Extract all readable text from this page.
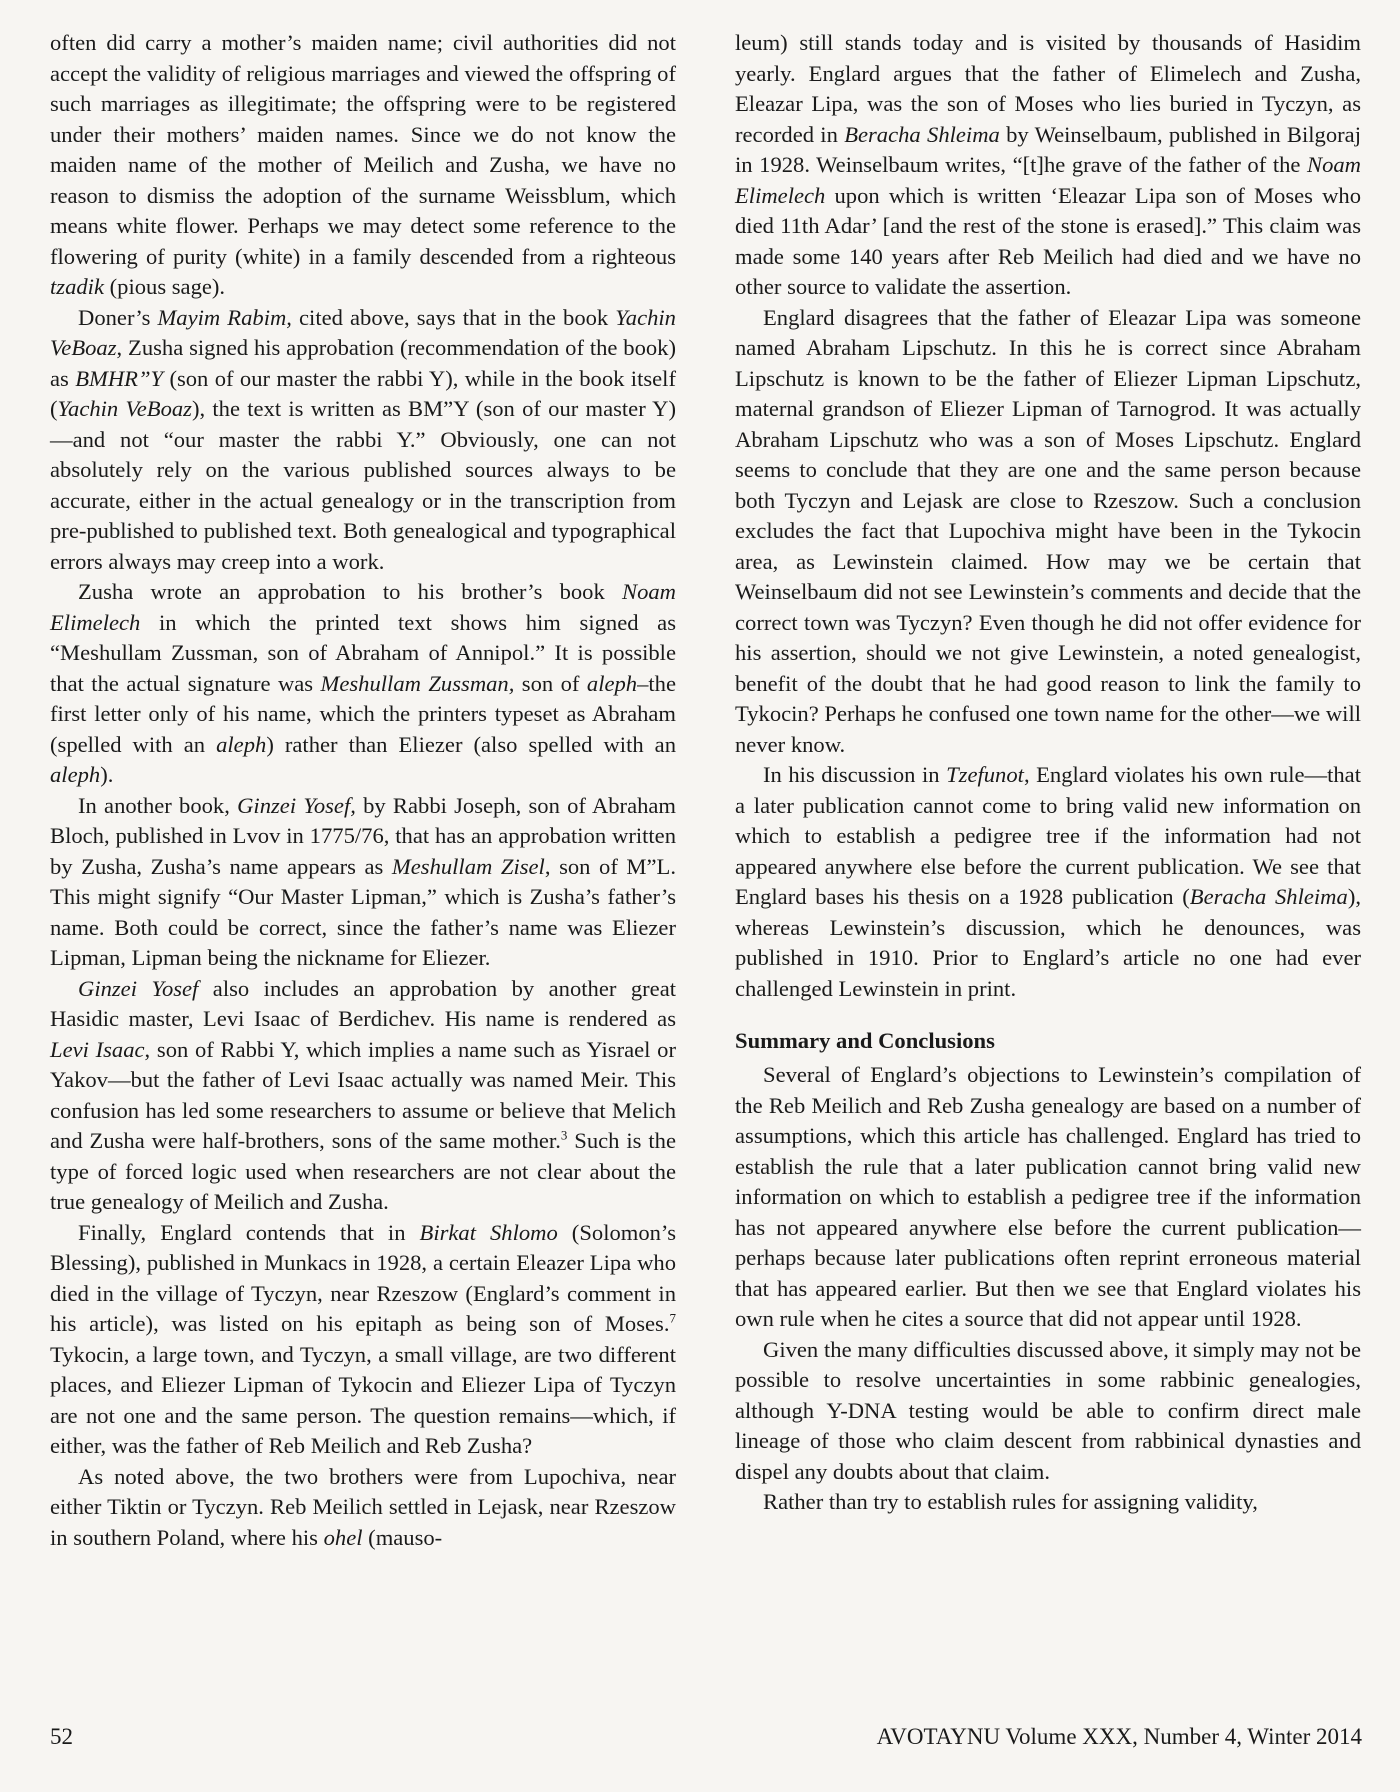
often did carry a mother’s maiden name; civil authorities did not accept the validity of religious marriages and viewed the offspring of such marriages as illegitimate; the offspring were to be registered under their mothers’ maiden names. Since we do not know the maiden name of the mother of Meilich and Zusha, we have no reason to dismiss the adoption of the surname Weissblum, which means white flower. Perhaps we may detect some reference to the flowering of purity (white) in a family descended from a righteous tzadik (pious sage).

Doner’s Mayim Rabim, cited above, says that in the book Yachin VeBoaz, Zusha signed his approbation (recommendation of the book) as BMHR”Y (son of our master the rabbi Y), while in the book itself (Yachin VeBoaz), the text is written as BM”Y (son of our master Y)—and not “our master the rabbi Y.” Obviously, one can not absolutely rely on the various published sources always to be accurate, either in the actual genealogy or in the transcription from pre-published to published text. Both genealogical and typographical errors always may creep into a work.

Zusha wrote an approbation to his brother’s book Noam Elimelech in which the printed text shows him signed as “Meshullam Zussman, son of Abraham of Annipol.” It is possible that the actual signature was Meshullam Zussman, son of aleph–the first letter only of his name, which the printers typeset as Abraham (spelled with an aleph) rather than Eliezer (also spelled with an aleph).

In another book, Ginzei Yosef, by Rabbi Joseph, son of Abraham Bloch, published in Lvov in 1775/76, that has an approbation written by Zusha, Zusha’s name appears as Meshullam Zisel, son of M”L. This might signify “Our Master Lipman,” which is Zusha’s father’s name. Both could be correct, since the father’s name was Eliezer Lipman, Lipman being the nickname for Eliezer.

Ginzei Yosef also includes an approbation by another great Hasidic master, Levi Isaac of Berdichev. His name is rendered as Levi Isaac, son of Rabbi Y, which implies a name such as Yisrael or Yakov—but the father of Levi Isaac actually was named Meir. This confusion has led some researchers to assume or believe that Melich and Zusha were half-brothers, sons of the same mother.$^3$ Such is the type of forced logic used when researchers are not clear about the true genealogy of Meilich and Zusha.

Finally, Englard contends that in Birkat Shlomo (Solomon’s Blessing), published in Munkacs in 1928, a certain Eleazer Lipa who died in the village of Tyczyn, near Rzeszow (Englard’s comment in his article), was listed on his epitaph as being son of Moses.$^7$ Tykocin, a large town, and Tyczyn, a small village, are two different places, and Eliezer Lipman of Tykocin and Eliezer Lipa of Tyczyn are not one and the same person. The question remains—which, if either, was the father of Reb Meilich and Reb Zusha?

As noted above, the two brothers were from Lupochiva, near either Tiktin or Tyczyn. Reb Meilich settled in Lejask, near Rzeszow in southern Poland, where his ohel (mauso-

leum) still stands today and is visited by thousands of Hasidim yearly. Englard argues that the father of Elimelech and Zusha, Eleazar Lipa, was the son of Moses who lies buried in Tyczyn, as recorded in Beracha Shleima by Weinselbaum, published in Bilgoraj in 1928. Weinselbaum writes, “[t]he grave of the father of the Noam Elimelech upon which is written ‘Eleazar Lipa son of Moses who died 11th Adar’ [and the rest of the stone is erased].” This claim was made some 140 years after Reb Meilich had died and we have no other source to validate the assertion.

Englard disagrees that the father of Eleazar Lipa was someone named Abraham Lipschutz. In this he is correct since Abraham Lipschutz is known to be the father of Eliezer Lipman Lipschutz, maternal grandson of Eliezer Lipman of Tarnogrod. It was actually Abraham Lipschutz who was a son of Moses Lipschutz. Englard seems to conclude that they are one and the same person because both Tyczyn and Lejask are close to Rzeszow. Such a conclusion excludes the fact that Lupochiva might have been in the Tykocin area, as Lewinstein claimed. How may we be certain that Weinselbaum did not see Lewinstein’s comments and decide that the correct town was Tyczyn? Even though he did not offer evidence for his assertion, should we not give Lewinstein, a noted genealogist, benefit of the doubt that he had good reason to link the family to Tykocin? Perhaps he confused one town name for the other—we will never know.

In his discussion in Tzefunot, Englard violates his own rule—that a later publication cannot come to bring valid new information on which to establish a pedigree tree if the information had not appeared anywhere else before the current publication. We see that Englard bases his thesis on a 1928 publication (Beracha Shleima), whereas Lewinstein’s discussion, which he denounces, was published in 1910. Prior to Englard’s article no one had ever challenged Lewinstein in print.

Summary and Conclusions

Several of Englard’s objections to Lewinstein’s compilation of the Reb Meilich and Reb Zusha genealogy are based on a number of assumptions, which this article has challenged. Englard has tried to establish the rule that a later publication cannot bring valid new information on which to establish a pedigree tree if the information has not appeared anywhere else before the current publication—perhaps because later publications often reprint erroneous material that has appeared earlier. But then we see that Englard violates his own rule when he cites a source that did not appear until 1928.

Given the many difficulties discussed above, it simply may not be possible to resolve uncertainties in some rabbinic genealogies, although Y-DNA testing would be able to confirm direct male lineage of those who claim descent from rabbinical dynasties and dispel any doubts about that claim.

Rather than try to establish rules for assigning validity,

52	AVOTAYNU Volume XXX, Number 4, Winter 2014
